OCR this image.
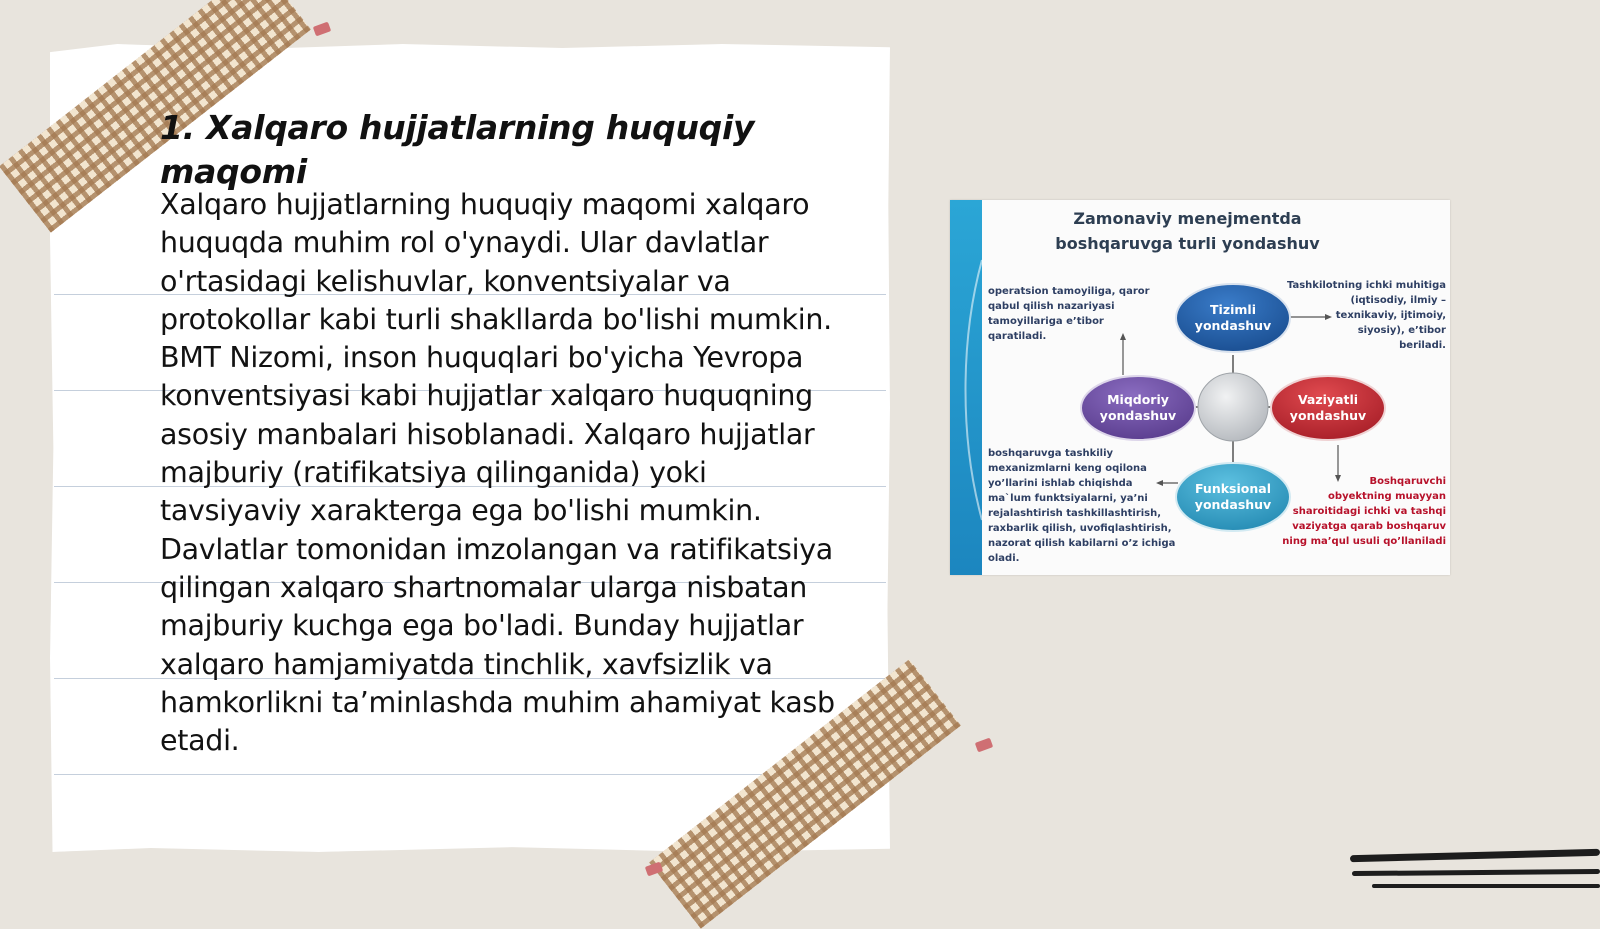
1. Xalqaro hujjatlarning huquqiy maqomi

Xalqaro hujjatlarning huquqiy maqomi xalqaro huquqda muhim rol o'ynaydi. Ular davlatlar o'rtasidagi kelishuvlar, konventsiyalar va protokollar kabi turli shakllarda bo'lishi mumkin. BMT Nizomi, inson huquqlari bo'yicha Yevropa konventsiyasi kabi hujjatlar xalqaro huquqning asosiy manbalari hisoblanadi. Xalqaro hujjatlar majburiy (ratifikatsiya qilinganida) yoki tavsiyaviy xarakterga ega bo'lishi mumkin. Davlatlar tomonidan imzolangan va ratifikatsiya qilingan xalqaro shartnomalar ularga nisbatan majburiy kuchga ega bo'ladi. Bunday hujjatlar xalqaro hamjamiyatda tinchlik, xavfsizlik va hamkorlikni ta’minlashda muhim ahamiyat kasb etadi.

Zamonaviy menejmentda
boshqaruvga turli yondashuv
Tizimli
yondashuv
Miqdoriy
yondashuv
Vaziyatli
yondashuv
Funksional
yondashuv
operatsion tamoyiliga, qaror
qabul qilish nazariyasi
tamoyillariga e’tibor
qaratiladi.
Tashkilotning ichki muhitiga
(iqtisodiy, ilmiy –
texnikaviy, ijtimoiy,
siyosiy), e’tibor
beriladi.
boshqaruvga tashkiliy
mexanizmlarni keng oqilona
yo’llarini ishlab chiqishda
ma`lum funktsiyalarni, ya’ni
rejalashtirish tashkillashtirish,
raxbarlik qilish, uvofiqlashtirish,
nazorat qilish kabilarni o’z ichiga
oladi.
Boshqaruvchi
obyektning muayyan
sharoitidagi ichki va tashqi
vaziyatga qarab boshqaruv
ning ma’qul usuli qo’llaniladi
